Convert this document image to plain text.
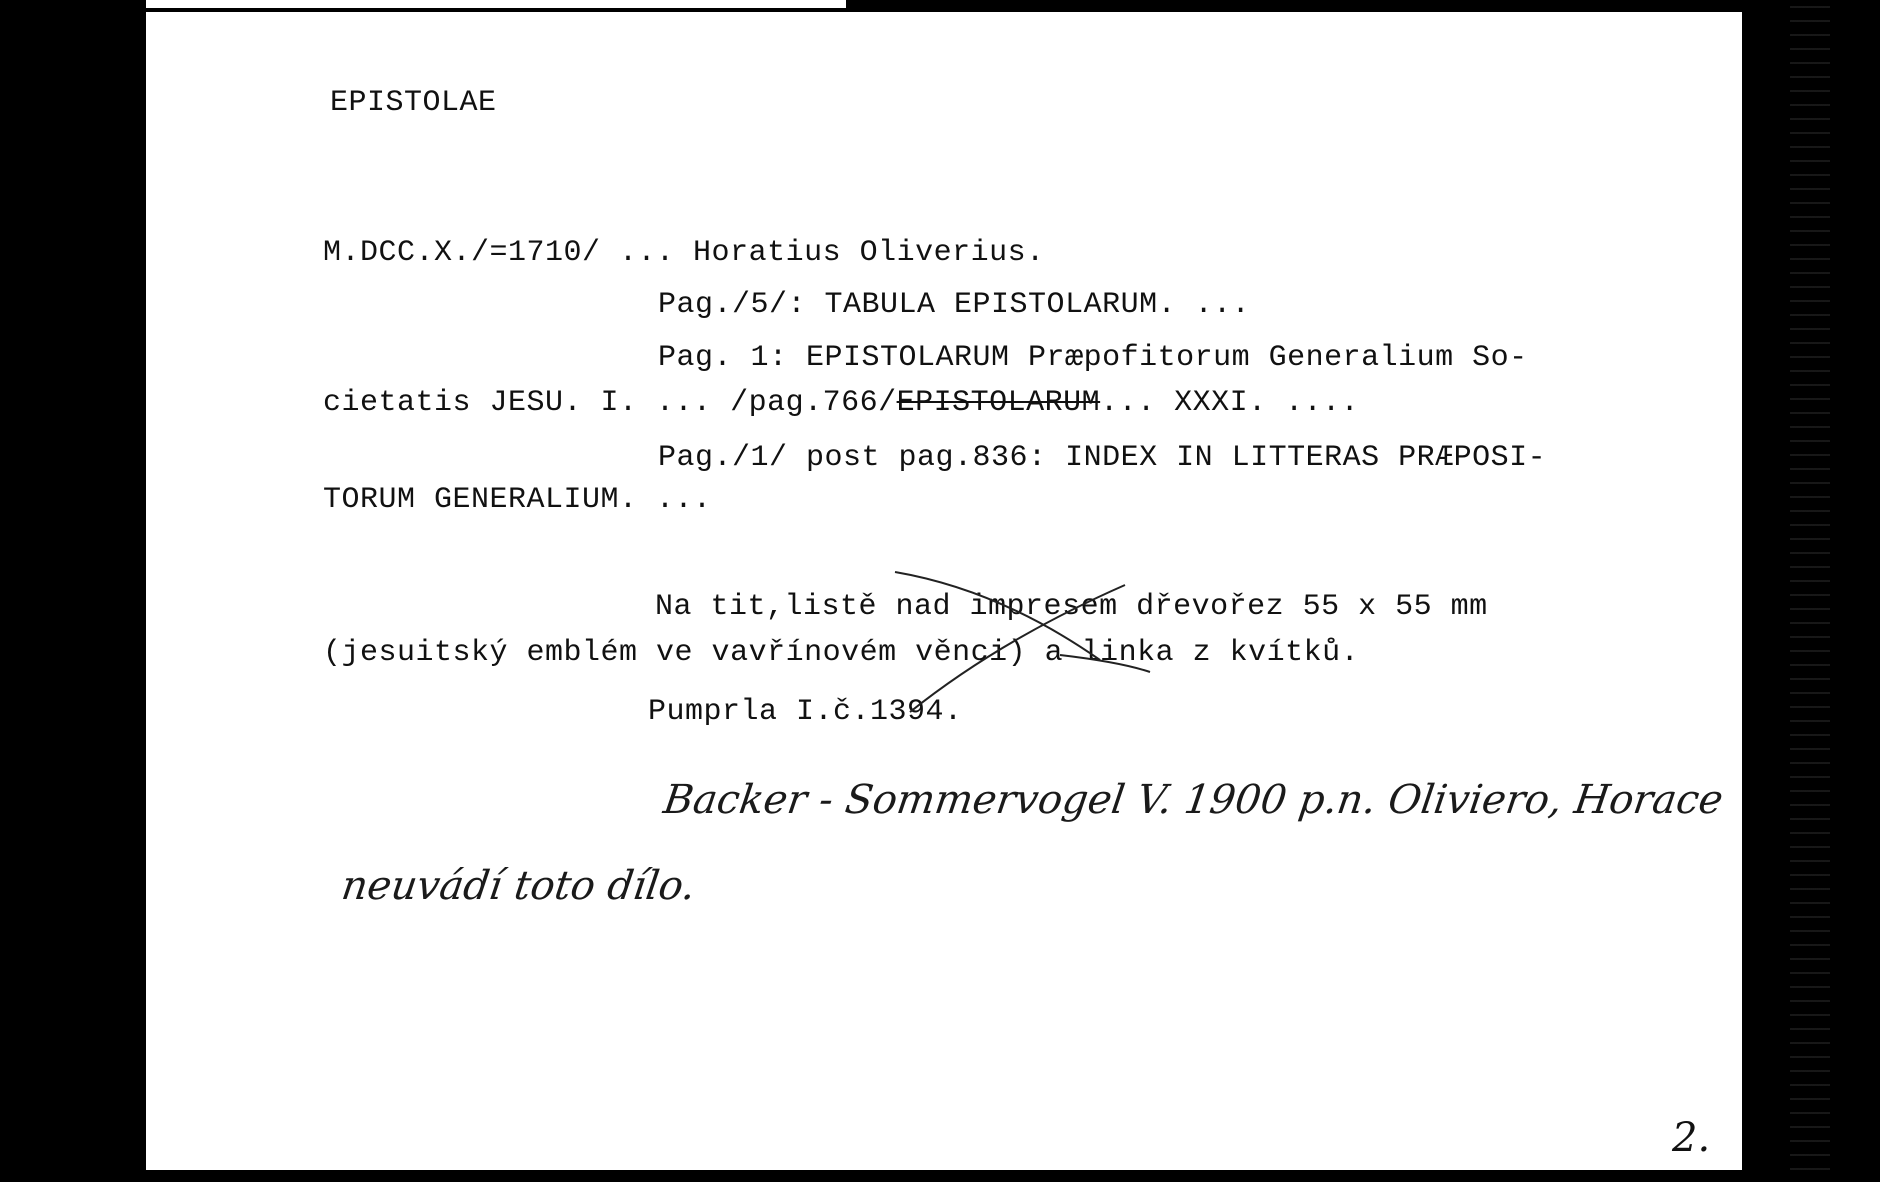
EPISTOLAE
M.DCC.X./=1710/ ... Horatius Oliverius.
Pag./5/: TABULA EPISTOLARUM. ...
Pag. 1: EPISTOLARUM Præpofitorum Generalium So-
cietatis JESU. I. ... /pag.766/EPISTOLARUM... XXXI. ....
Pag./1/ post pag.836: INDEX IN LITTERAS PRÆPOSI-
TORUM GENERALIUM. ...
Na tit,listě nad impresem dřevořez 55 x 55 mm
(jesuitský emblém ve vavřínovém věnci) a linka z kvítků.
Pumprla I.č.1394.
Backer - Sommervogel V. 1900 p.n. Oliviero, Horace
neuvádí toto dílo.
2.
